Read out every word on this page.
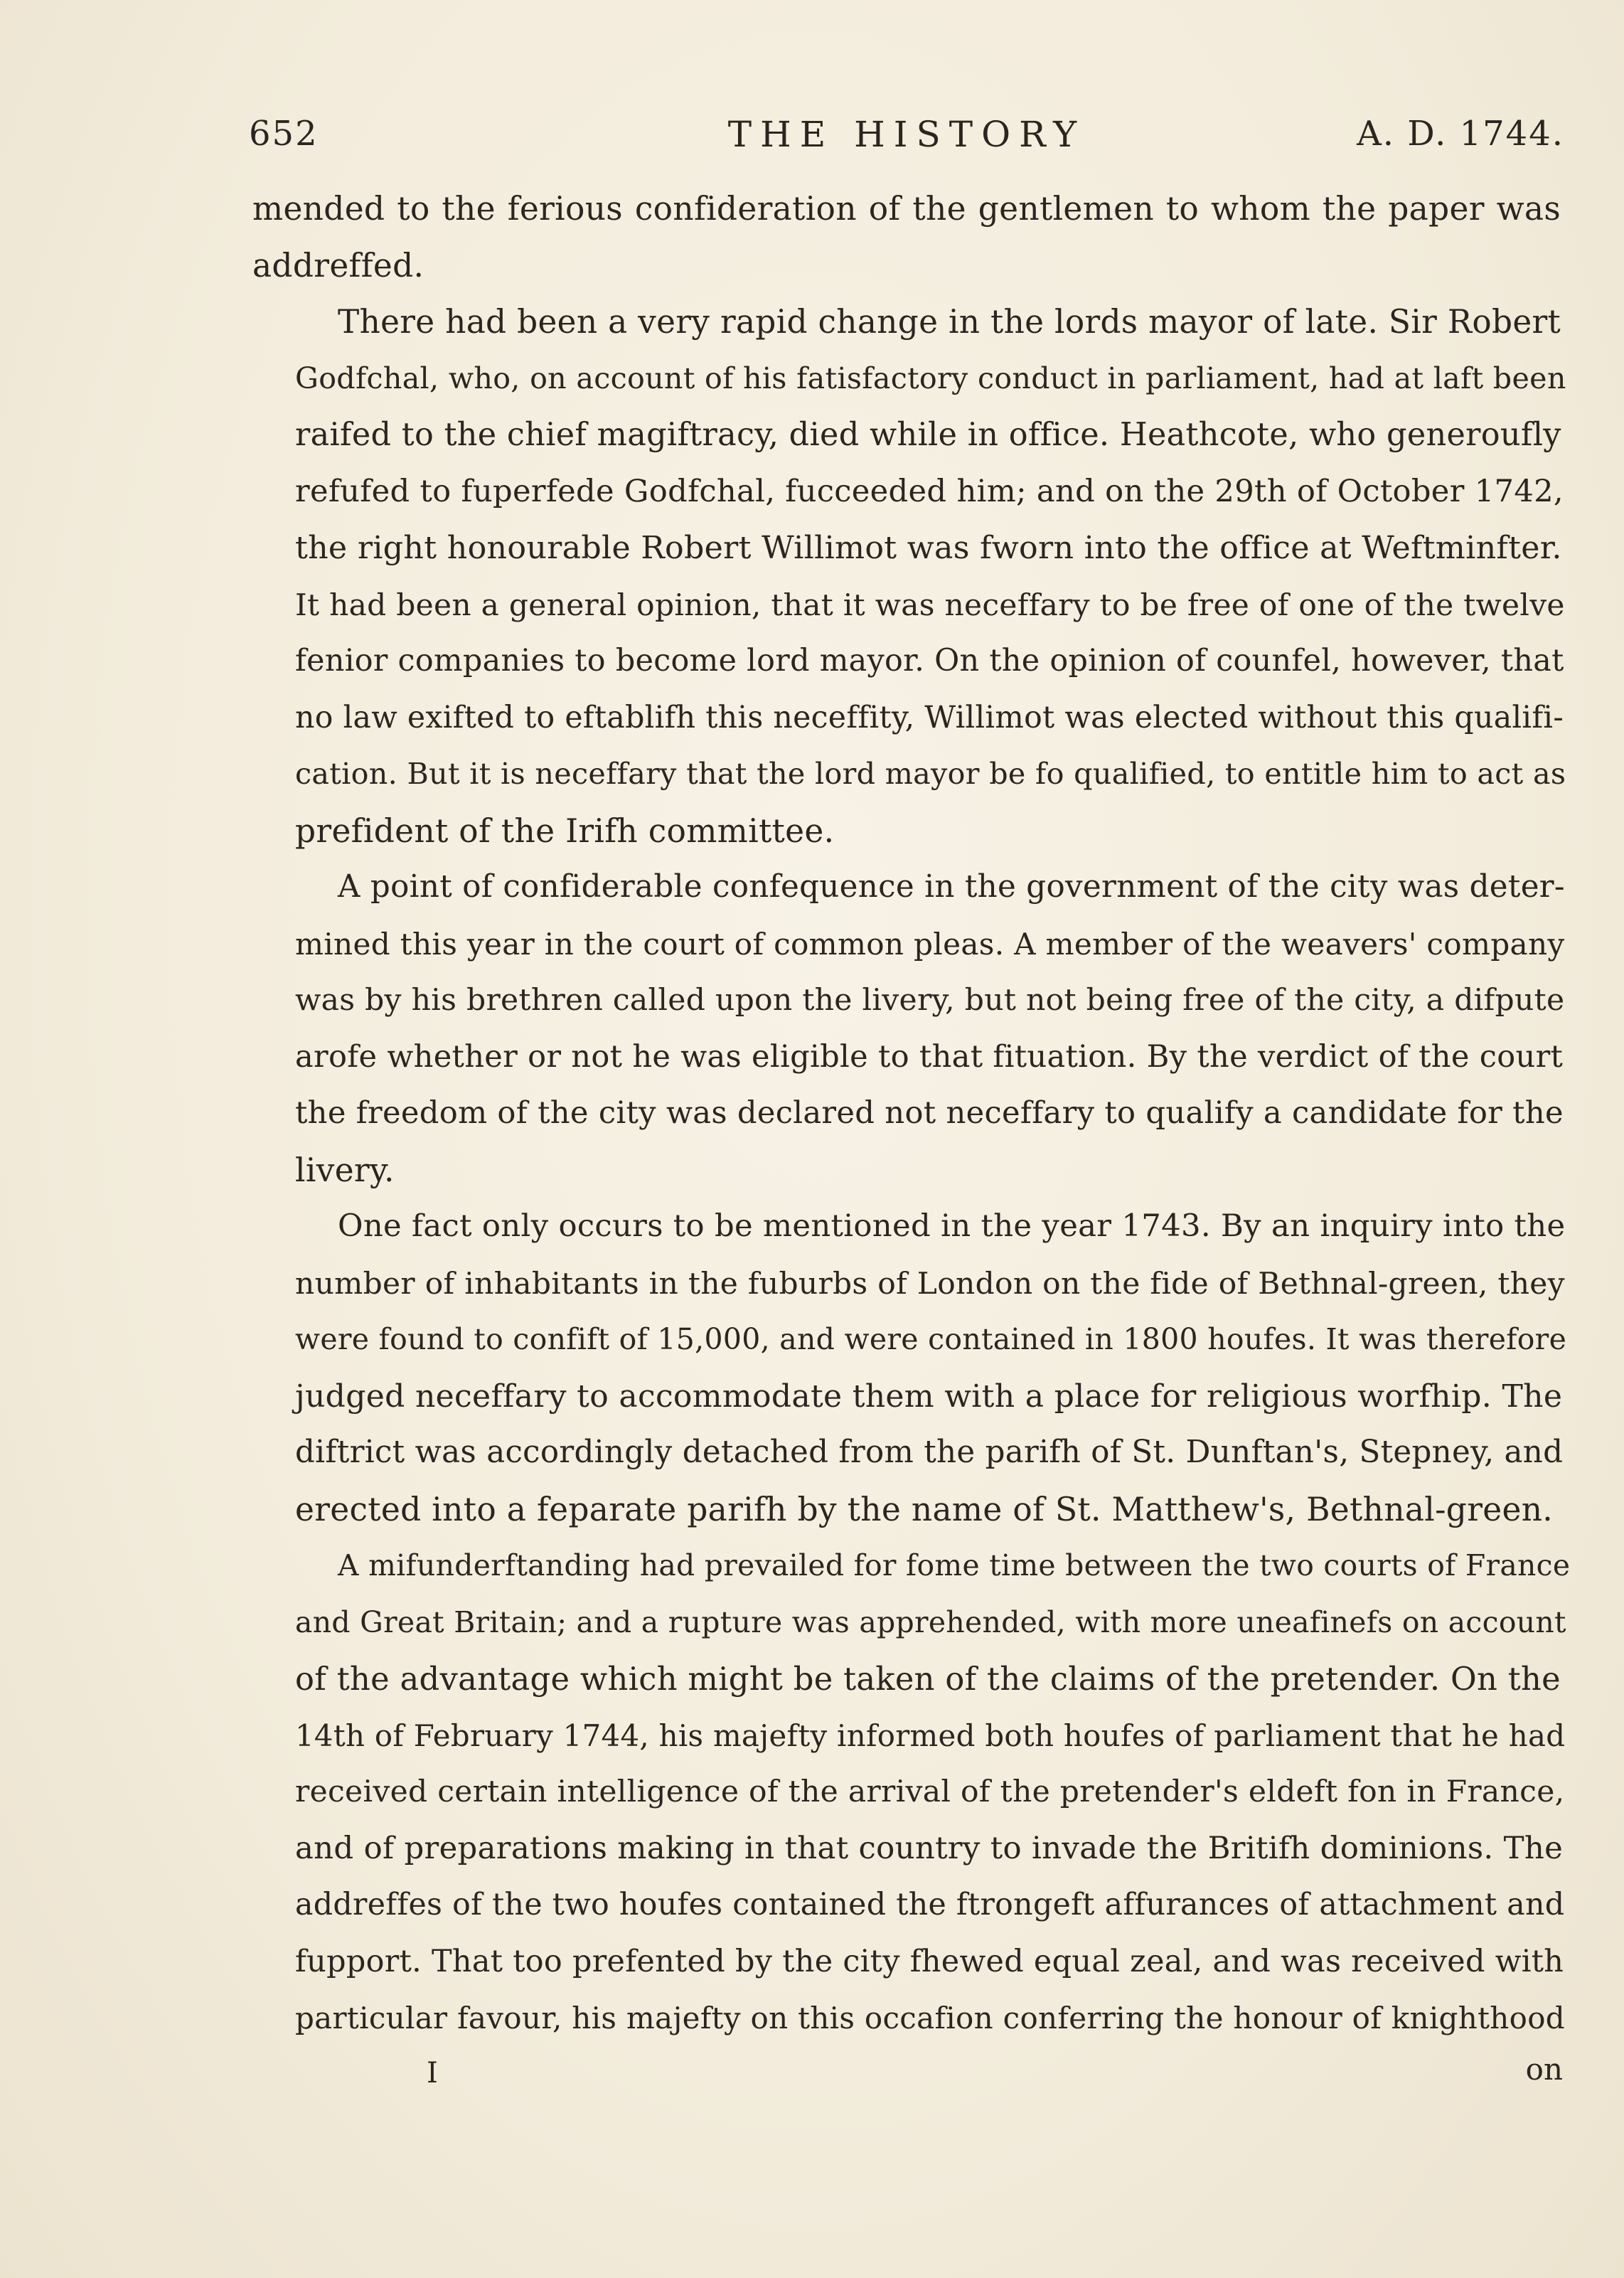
652	THE HISTORY	A. D. 1744.

mended to the ferious confideration of the gentlemen to whom the paper was
addreffed.

There had been a very rapid change in the lords mayor of late. Sir Robert
Godfchal, who, on account of his fatisfactory conduct in parliament, had at laft been
raifed to the chief magiftracy, died while in office. Heathcote, who generoufly
refufed to fuperfede Godfchal, fucceeded him; and on the 29th of October 1742,
the right honourable Robert Willimot was fworn into the office at Weftminfter.
It had been a general opinion, that it was neceffary to be free of one of the twelve
fenior companies to become lord mayor. On the opinion of counfel, however, that
no law exifted to eftablifh this neceffity, Willimot was elected without this qualifi-
cation. But it is neceffary that the lord mayor be fo qualified, to entitle him to act as
prefident of the Irifh committee.

A point of confiderable confequence in the government of the city was deter-
mined this year in the court of common pleas. A member of the weavers' company
was by his brethren called upon the livery, but not being free of the city, a difpute
arofe whether or not he was eligible to that fituation. By the verdict of the court
the freedom of the city was declared not neceffary to qualify a candidate for the
livery.

One fact only occurs to be mentioned in the year 1743. By an inquiry into the
number of inhabitants in the fuburbs of London on the fide of Bethnal-green, they
were found to confift of 15,000, and were contained in 1800 houfes. It was therefore
judged neceffary to accommodate them with a place for religious worfhip. The
diftrict was accordingly detached from the parifh of St. Dunftan's, Stepney, and
erected into a feparate parifh by the name of St. Matthew's, Bethnal-green.

A mifunderftanding had prevailed for fome time between the two courts of France
and Great Britain; and a rupture was apprehended, with more uneafinefs on account
of the advantage which might be taken of the claims of the pretender. On the
14th of February 1744, his majefty informed both houfes of parliament that he had
received certain intelligence of the arrival of the pretender's eldeft fon in France,
and of preparations making in that country to invade the Britifh dominions. The
addreffes of the two houfes contained the ftrongeft affurances of attachment and
fupport. That too prefented by the city fhewed equal zeal, and was received with
particular favour, his majefty on this occafion conferring the honour of knighthood

I	on
